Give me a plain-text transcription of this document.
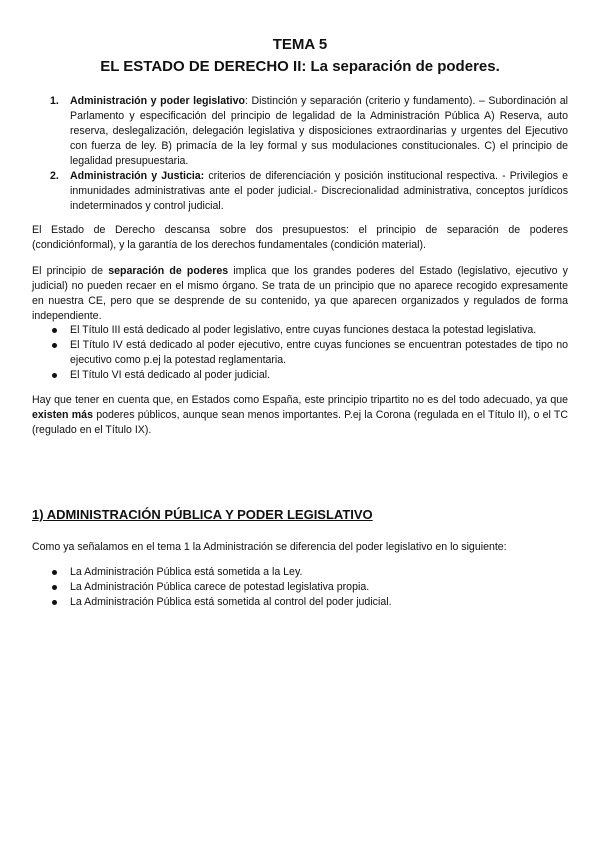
TEMA 5
EL ESTADO DE DERECHO II: La separación de poderes.
1. Administración y poder legislativo: Distinción y separación (criterio y fundamento). – Subordinación al Parlamento y especificación del principio de legalidad de la Administración Pública A) Reserva, auto reserva, deslegalización, delegación legislativa y disposiciones extraordinarias y urgentes del Ejecutivo con fuerza de ley. B) primacía de la ley formal y sus modulaciones constitucionales. C) el principio de legalidad presupuestaria.
2. Administración y Justicia: criterios de diferenciación y posición institucional respectiva. - Privilegios e inmunidades administrativas ante el poder judicial.- Discrecionalidad administrativa, conceptos jurídicos indeterminados y control judicial.
El Estado de Derecho descansa sobre dos presupuestos: el principio de separación de poderes (condiciónformal), y la garantía de los derechos fundamentales (condición material).
El principio de separación de poderes implica que los grandes poderes del Estado (legislativo, ejecutivo y judicial) no pueden recaer en el mismo órgano. Se trata de un principio que no aparece recogido expresamente en nuestra CE, pero que se desprende de su contenido, ya que aparecen organizados y regulados de forma independiente.
El Título III está dedicado al poder legislativo, entre cuyas funciones destaca la potestad legislativa.
El Título IV está dedicado al poder ejecutivo, entre cuyas funciones se encuentran potestades de tipo no ejecutivo como p.ej la potestad reglamentaria.
El Título VI está dedicado al poder judicial.
Hay que tener en cuenta que, en Estados como España, este principio tripartito no es del todo adecuado, ya que existen más poderes públicos, aunque sean menos importantes. P.ej la Corona (regulada en el Título II), o el TC (regulado en el Título IX).
1) ADMINISTRACIÓN PÚBLICA Y PODER LEGISLATIVO
Como ya señalamos en el tema 1 la Administración se diferencia del poder legislativo en lo siguiente:
La Administración Pública está sometida a la Ley.
La Administración Pública carece de potestad legislativa propia.
La Administración Pública está sometida al control del poder judicial.
